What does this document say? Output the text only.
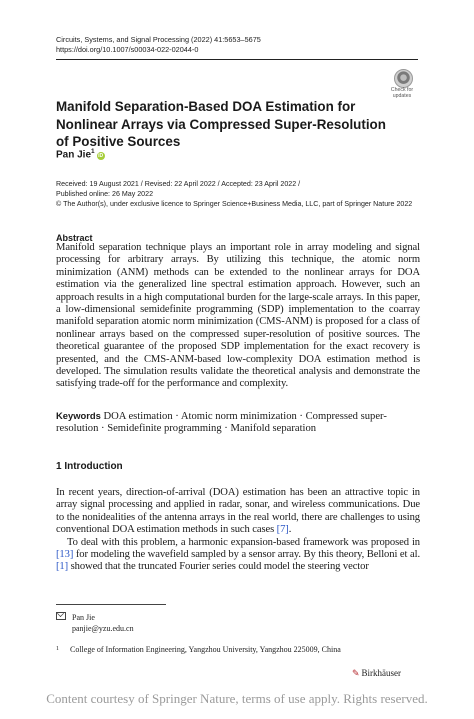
Circuits, Systems, and Signal Processing (2022) 41:5653–5675
https://doi.org/10.1007/s00034-022-02044-0
Check for
updates
Manifold Separation-Based DOA Estimation for Nonlinear Arrays via Compressed Super-Resolution of Positive Sources
Pan Jie$^1$iD
Received: 19 August 2021 / Revised: 22 April 2022 / Accepted: 23 April 2022 /
Published online: 26 May 2022
© The Author(s), under exclusive licence to Springer Science+Business Media, LLC, part of Springer Nature 2022
Abstract
Manifold separation technique plays an important role in array modeling and signal processing for arbitrary arrays. By utilizing this technique, the atomic norm minimization (ANM) methods can be extended to the nonlinear arrays for DOA estimation via the generalized line spectral estimation approach. However, such an approach results in a high computational burden for the large-scale arrays. In this paper, a low-dimensional semidefinite programming (SDP) implementation to the coarray manifold separation atomic norm minimization (CMS-ANM) is proposed for a class of nonlinear arrays based on the compressed super-resolution of positive sources. The theoretical guarantee of the proposed SDP implementation for the exact recovery is presented, and the CMS-ANM-based low-complexity DOA estimation method is developed. The simulation results validate the theoretical analysis and demonstrate the satisfying trade-off for the performance and complexity.
Keywords DOA estimation · Atomic norm minimization · Compressed super-resolution · Semidefinite programming · Manifold separation
1 Introduction

In recent years, direction-of-arrival (DOA) estimation has been an attractive topic in array signal processing and applied in radar, sonar, and wireless communications. Due to the nonidealities of the antenna arrays in the real world, there are challenges to using conventional DOA estimation methods in such cases [7].

To deal with this problem, a harmonic expansion-based framework was proposed in [13] for modeling the wavefield sampled by a sensor array. By this theory, Belloni et al. [1] showed that the truncated Fourier series could model the steering vector

Pan Jie
panjie@yzu.edu.cn
1 College of Information Engineering, Yangzhou University, Yangzhou 225009, China
✎ Birkhäuser
Content courtesy of Springer Nature, terms of use apply. Rights reserved.
